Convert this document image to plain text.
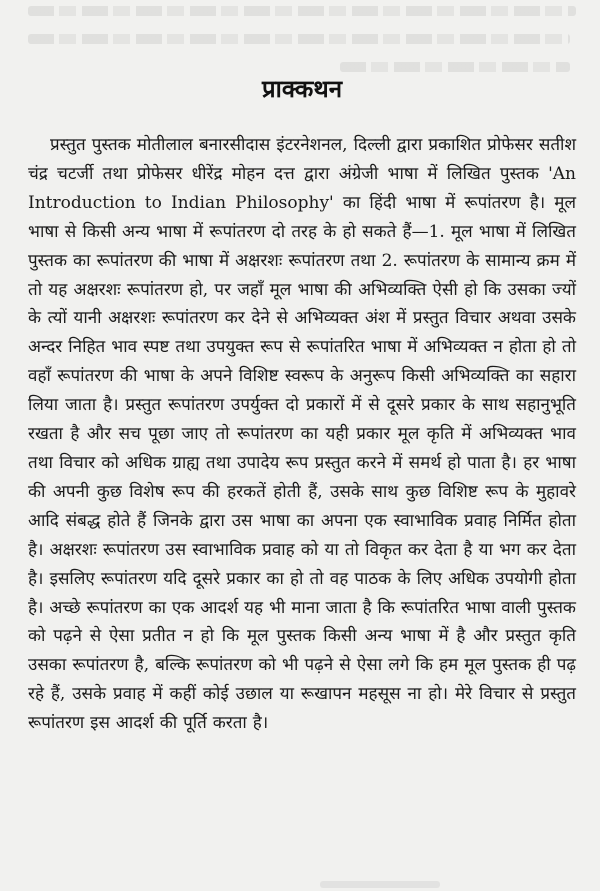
प्राक्कथन

प्रस्तुत पुस्तक मोतीलाल बनारसीदास इंटरनेशनल, दिल्ली द्वारा प्रकाशित प्रोफेसर सतीश चंद्र चटर्जी तथा प्रोफेसर धीरेंद्र मोहन दत्त द्वारा अंग्रेजी भाषा में लिखित पुस्तक 'An Introduction to Indian Philosophy' का हिंदी भाषा में रूपांतरण है। मूल भाषा से किसी अन्य भाषा में रूपांतरण दो तरह के हो सकते हैं—1. मूल भाषा में लिखित पुस्तक का रूपांतरण की भाषा में अक्षरशः रूपांतरण तथा 2. रूपांतरण के सामान्य क्रम में तो यह अक्षरशः रूपांतरण हो, पर जहाँ मूल भाषा की अभिव्यक्ति ऐसी हो कि उसका ज्यों के त्यों यानी अक्षरशः रूपांतरण कर देने से अभिव्यक्त अंश में प्रस्तुत विचार अथवा उसके अन्दर निहित भाव स्पष्ट तथा उपयुक्त रूप से रूपांतरित भाषा में अभिव्यक्त न होता हो तो वहाँ रूपांतरण की भाषा के अपने विशिष्ट स्वरूप के अनुरूप किसी अभिव्यक्ति का सहारा लिया जाता है। प्रस्तुत रूपांतरण उपर्युक्त दो प्रकारों में से दूसरे प्रकार के साथ सहानुभूति रखता है और सच पूछा जाए तो रूपांतरण का यही प्रकार मूल कृति में अभिव्यक्त भाव तथा विचार को अधिक ग्राह्य तथा उपादेय रूप प्रस्तुत करने में समर्थ हो पाता है। हर भाषा की अपनी कुछ विशेष रूप की हरकतें होती हैं, उसके साथ कुछ विशिष्ट रूप के मुहावरे आदि संबद्ध होते हैं जिनके द्वारा उस भाषा का अपना एक स्वाभाविक प्रवाह निर्मित होता है। अक्षरशः रूपांतरण उस स्वाभाविक प्रवाह को या तो विकृत कर देता है या भग कर देता है। इसलिए रूपांतरण यदि दूसरे प्रकार का हो तो वह पाठक के लिए अधिक उपयोगी होता है। अच्छे रूपांतरण का एक आदर्श यह भी माना जाता है कि रूपांतरित भाषा वाली पुस्तक को पढ़ने से ऐसा प्रतीत न हो कि मूल पुस्तक किसी अन्य भाषा में है और प्रस्तुत कृति उसका रूपांतरण है, बल्कि रूपांतरण को भी पढ़ने से ऐसा लगे कि हम मूल पुस्तक ही पढ़ रहे हैं, उसके प्रवाह में कहीं कोई उछाल या रूखापन महसूस ना हो। मेरे विचार से प्रस्तुत रूपांतरण इस आदर्श की पूर्ति करता है।
